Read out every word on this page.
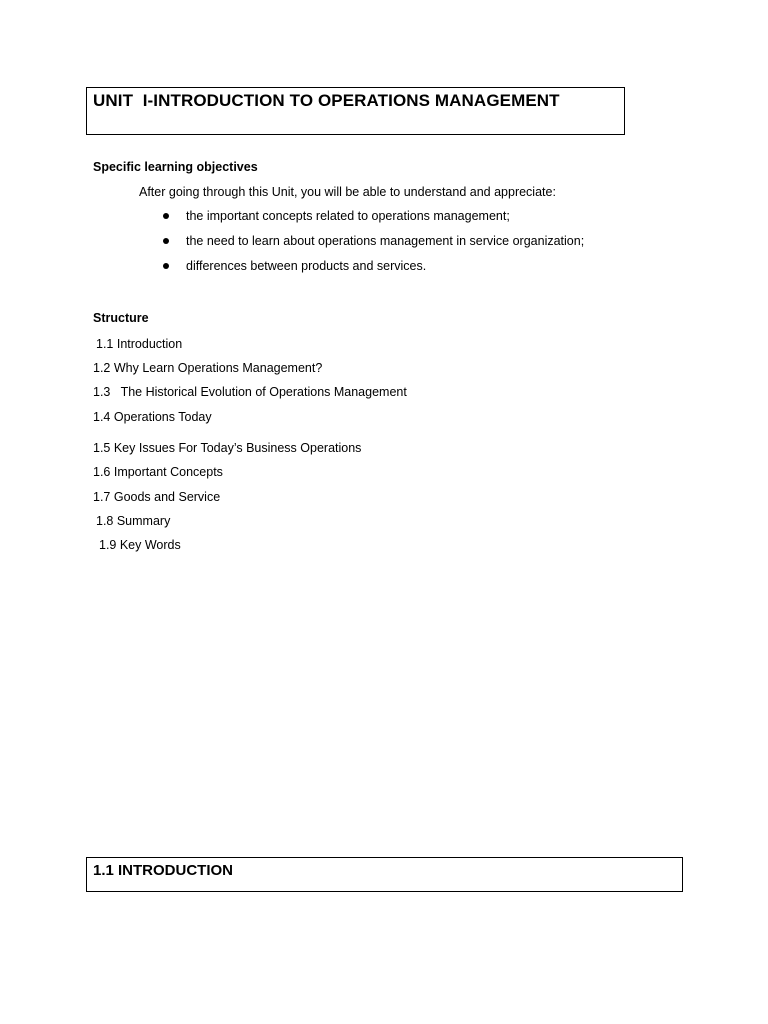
UNIT  I-INTRODUCTION TO OPERATIONS MANAGEMENT
Specific learning objectives
After going through this Unit, you will be able to understand and appreciate:
the important concepts related to operations management;
the need to learn about operations management in service organization;
differences between products and services.
Structure
1.1 Introduction
1.2 Why Learn Operations Management?
1.3   The Historical Evolution of Operations Management
1.4 Operations Today
1.5 Key Issues For Today’s Business Operations
1.6 Important Concepts
1.7 Goods and Service
1.8 Summary
1.9 Key Words
1.1 INTRODUCTION
